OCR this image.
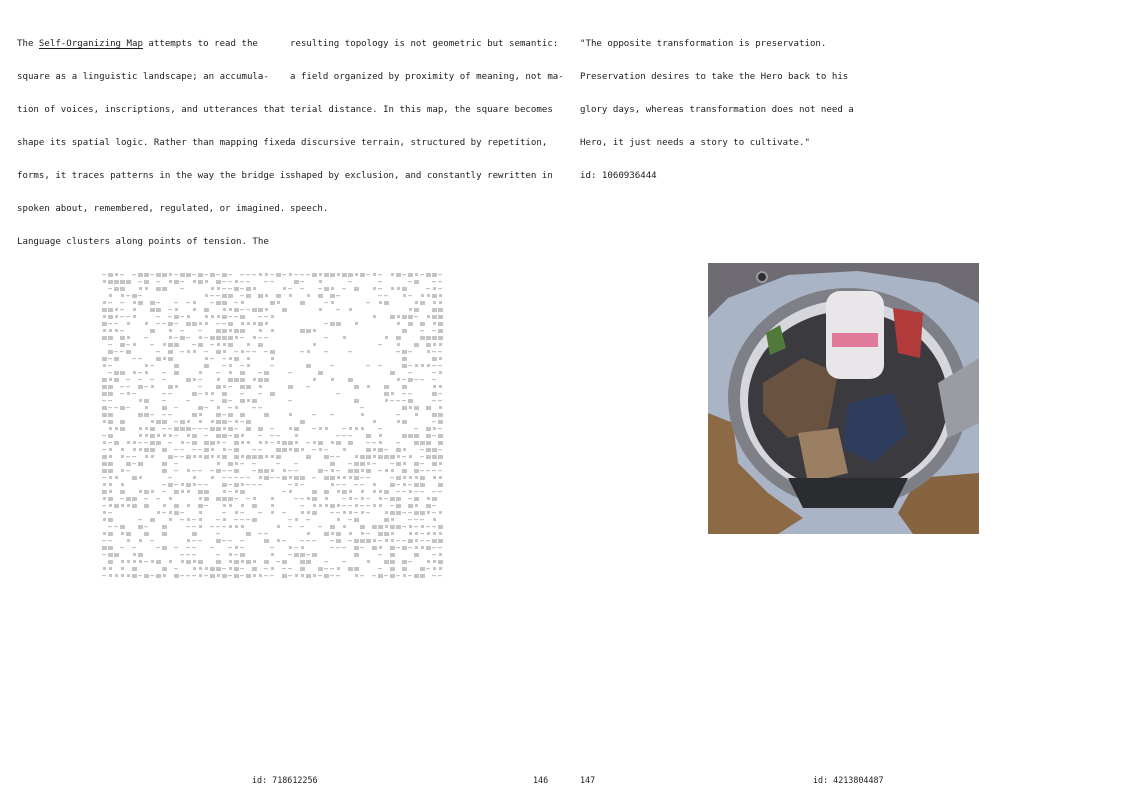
The Self-Organizing Map attempts to read the

square as a linguistic landscape; an accumula-

tion of voices, inscriptions, and utterances that

shape its spatial logic. Rather than mapping fixed

forms, it traces patterns in the way the bridge is

spoken about, remembered, regulated, or imagined.

Language clusters along points of tension. The

resulting topology is not geometric but semantic:

a field organized by proximity of meaning, not ma-

terial distance. In this map, the square becomes

a discursive terrain, structured by repetition,

shaped by exclusion, and constantly rewritten in

speech.

"The opposite transformation is preservation.

Preservation desires to take the Hero back to his

glory days, whereas transformation does not need a

Hero, it just needs a story to cultivate."

id: 1060936444

id: 718612256	146	147	id: 4213804487
